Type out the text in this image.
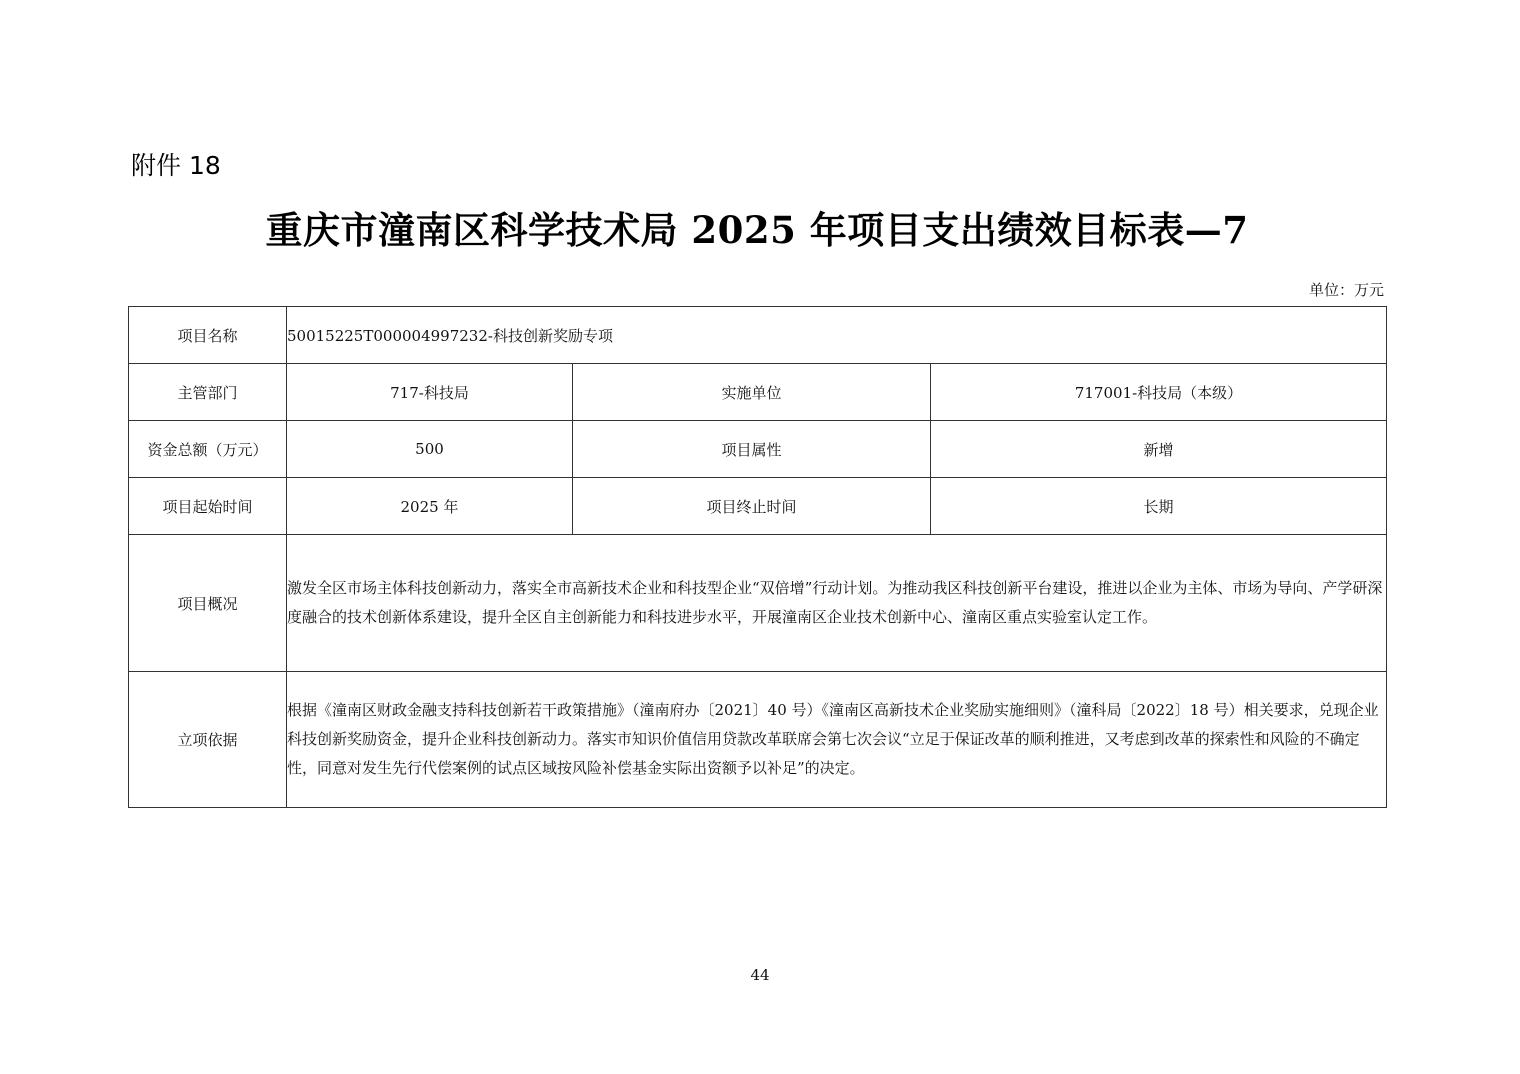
附件 18
重庆市潼南区科学技术局 2025 年项目支出绩效目标表—7
单位：万元
项目名称	50015225T000004997232-科技创新奖励专项		
主管部门	717-科技局	实施单位	717001-科技局（本级）
资金总额（万元）	500	项目属性	新增
项目起始时间	2025 年	项目终止时间	长期
项目概况	激发全区市场主体科技创新动力，落实全市高新技术企业和科技型企业“双倍增”行动计划。为推动我区科技创新平台建设，推进以企业为主体、市场为导向、产学研深度融合的技术创新体系建设，提升全区自主创新能力和科技进步水平，开展潼南区企业技术创新中心、潼南区重点实验室认定工作。		
立项依据	根据《潼南区财政金融支持科技创新若干政策措施》（潼南府办〔2021〕40 号）《潼南区高新技术企业奖励实施细则》（潼科局〔2022〕18 号）相关要求，兑现企业科技创新奖励资金，提升企业科技创新动力。落实市知识价值信用贷款改革联席会第七次会议“立足于保证改革的顺利推进，又考虑到改革的探索性和风险的不确定性，同意对发生先行代偿案例的试点区域按风险补偿基金实际出资额予以补足”的决定。		
44
